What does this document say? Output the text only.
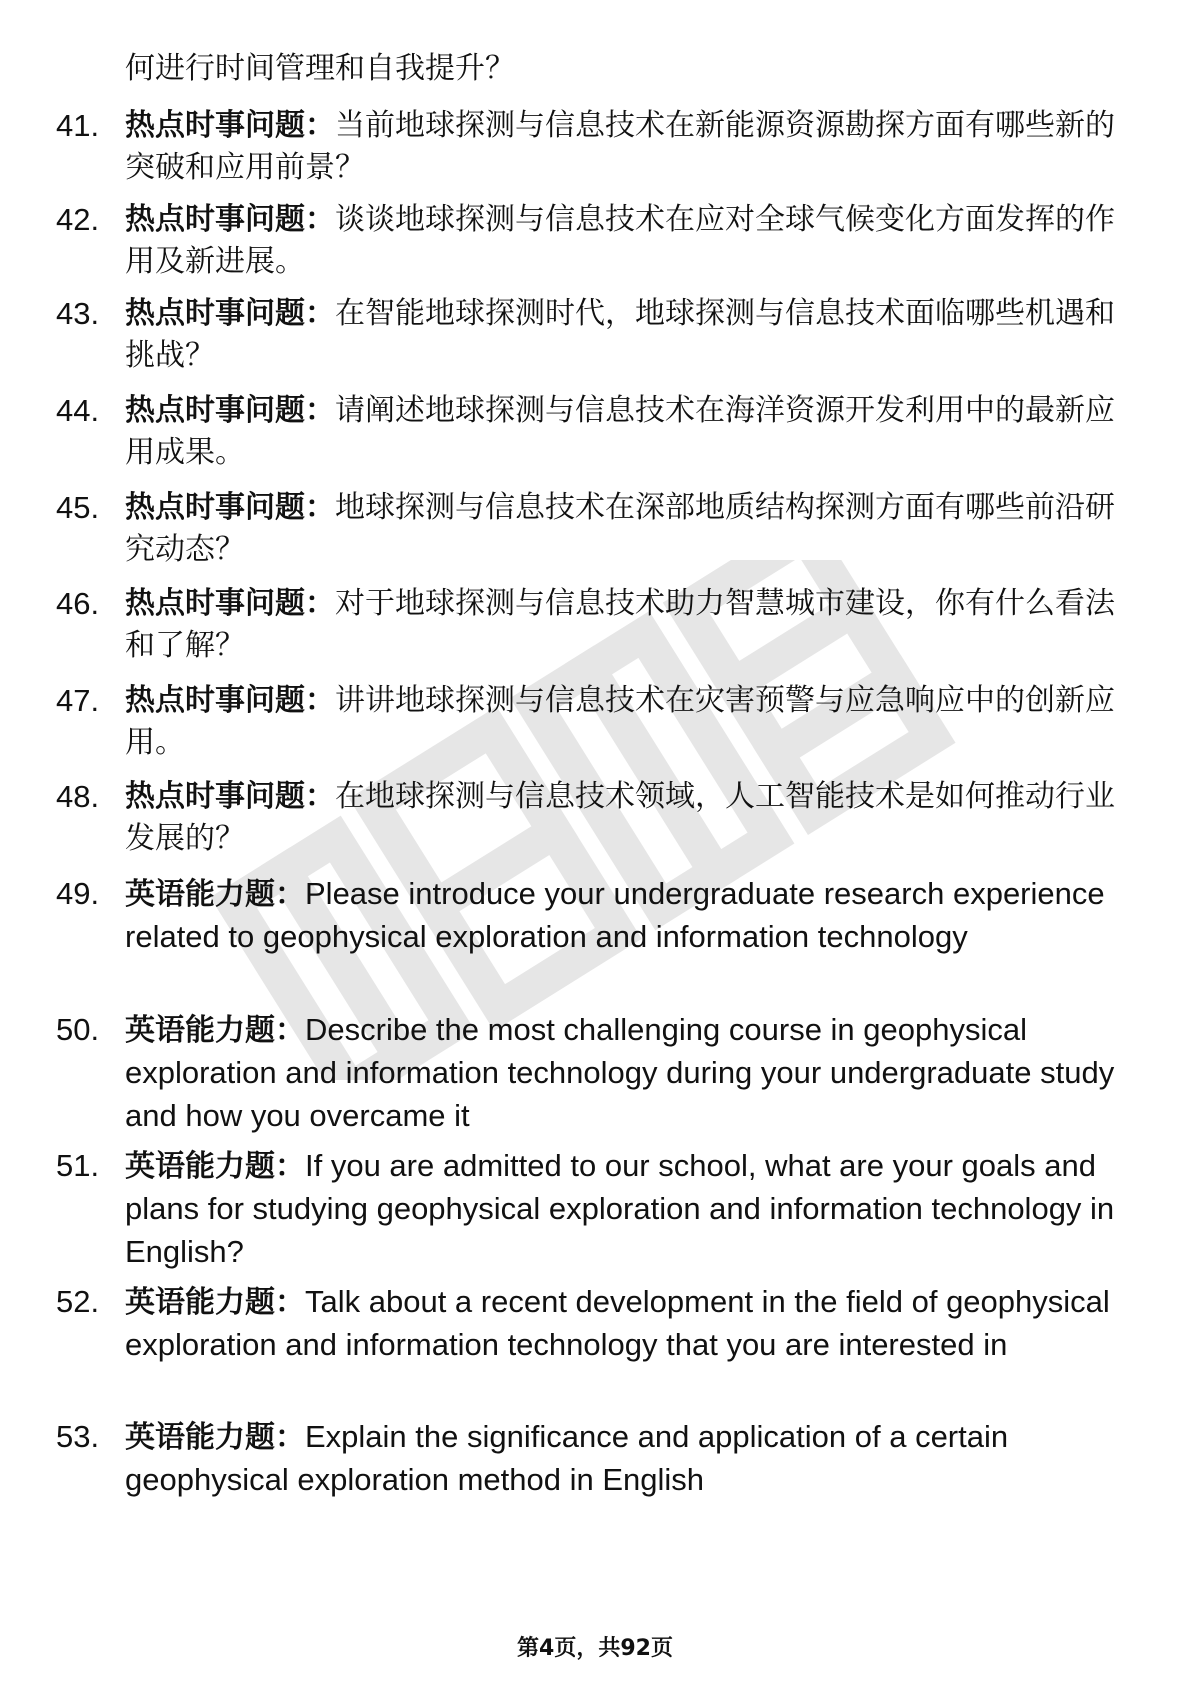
何进行时间管理和自我提升？
41. 热点时事问题：当前地球探测与信息技术在新能源资源勘探方面有哪些新的突破和应用前景？
42. 热点时事问题：谈谈地球探测与信息技术在应对全球气候变化方面发挥的作用及新进展。
43. 热点时事问题：在智能地球探测时代，地球探测与信息技术面临哪些机遇和挑战？
44. 热点时事问题：请阐述地球探测与信息技术在海洋资源开发利用中的最新应用成果。
45. 热点时事问题：地球探测与信息技术在深部地质结构探测方面有哪些前沿研究动态？
46. 热点时事问题：对于地球探测与信息技术助力智慧城市建设，你有什么看法和了解？
47. 热点时事问题：讲讲地球探测与信息技术在灾害预警与应急响应中的创新应用。
48. 热点时事问题：在地球探测与信息技术领域，人工智能技术是如何推动行业发展的？
49. 英语能力题：Please introduce your undergraduate research experience related to geophysical exploration and information technology
50. 英语能力题：Describe the most challenging course in geophysical exploration and information technology during your undergraduate study and how you overcame it
51. 英语能力题：If you are admitted to our school, what are your goals and plans for studying geophysical exploration and information technology in English?
52. 英语能力题：Talk about a recent development in the field of geophysical exploration and information technology that you are interested in
53. 英语能力题：Explain the significance and application of a certain geophysical exploration method in English
第4页，共92页
